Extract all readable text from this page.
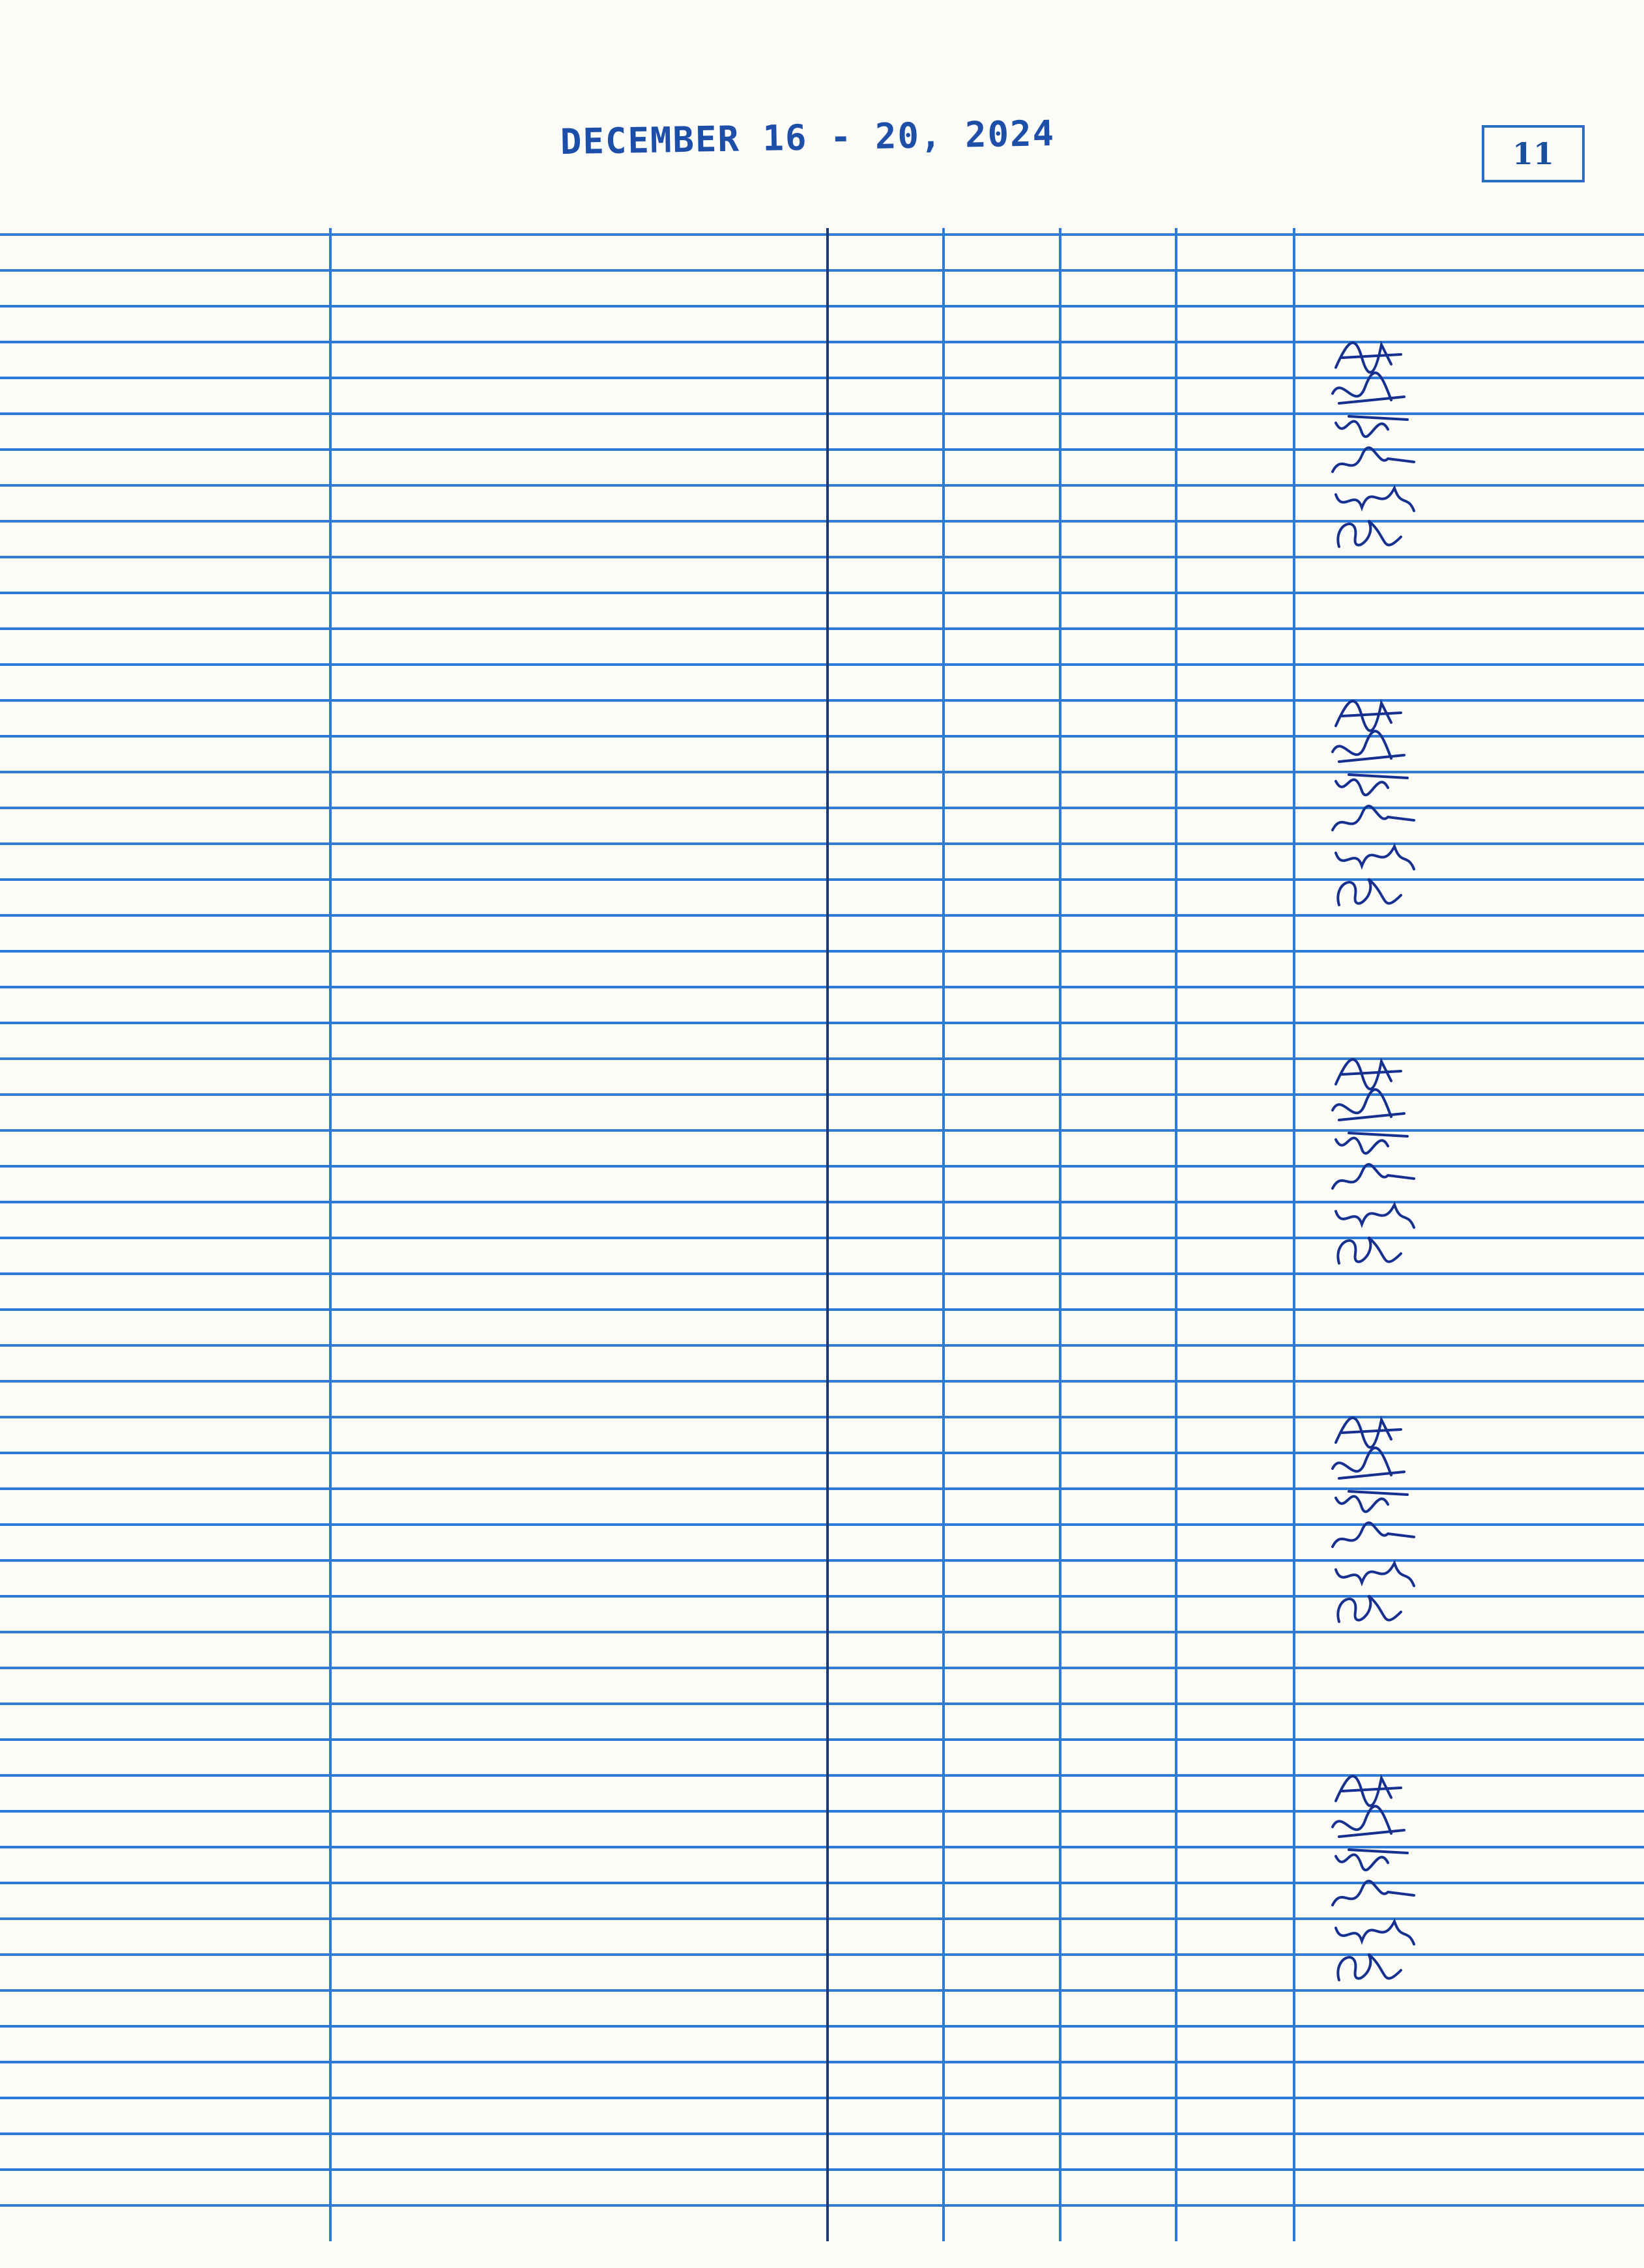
DECEMBER 16 - 20, 2024	11
